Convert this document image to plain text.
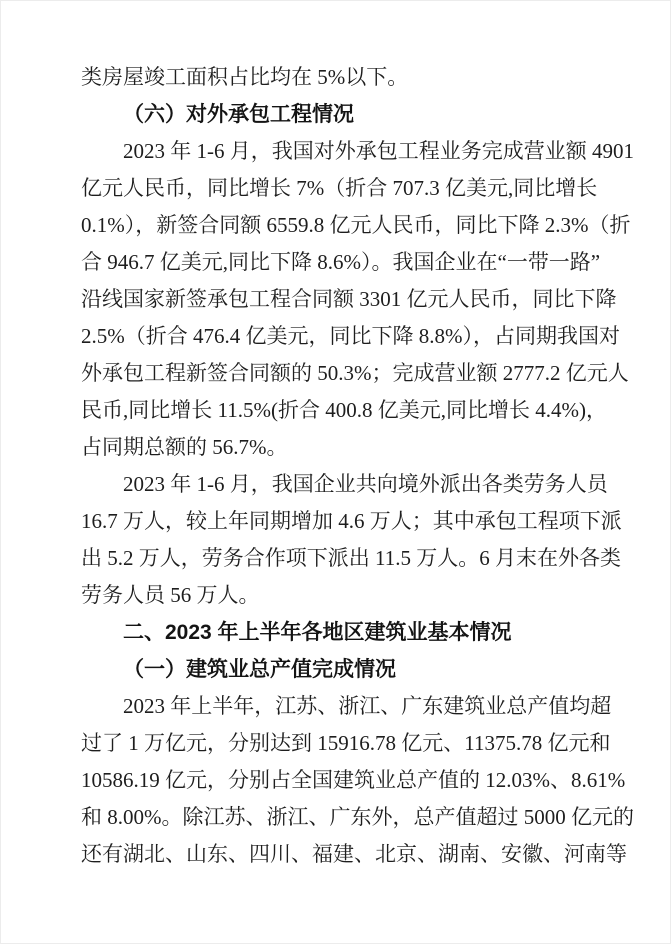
类房屋竣工面积占比均在 5%以下。
（六）对外承包工程情况
2023 年 1-6 月，我国对外承包工程业务完成营业额 4901
亿元人民币，同比增长 7%（折合 707.3 亿美元,同比增长
0.1%），新签合同额 6559.8 亿元人民币，同比下降 2.3%（折
合 946.7 亿美元,同比下降 8.6%）。我国企业在“一带一路”
沿线国家新签承包工程合同额 3301 亿元人民币，同比下降
2.5%（折合 476.4 亿美元，同比下降 8.8%），占同期我国对
外承包工程新签合同额的 50.3%；完成营业额 2777.2 亿元人
民币,同比增长 11.5%(折合 400.8 亿美元,同比增长 4.4%)，
占同期总额的 56.7%。
2023 年 1-6 月，我国企业共向境外派出各类劳务人员
16.7 万人，较上年同期增加 4.6 万人；其中承包工程项下派
出 5.2 万人，劳务合作项下派出 11.5 万人。6 月末在外各类
劳务人员 56 万人。
二、2023 年上半年各地区建筑业基本情况
（一）建筑业总产值完成情况
2023 年上半年，江苏、浙江、广东建筑业总产值均超
过了 1 万亿元，分别达到 15916.78 亿元、11375.78 亿元和
10586.19 亿元，分别占全国建筑业总产值的 12.03%、8.61%
和 8.00%。除江苏、浙江、广东外，总产值超过 5000 亿元的
还有湖北、山东、四川、福建、北京、湖南、安徽、河南等
